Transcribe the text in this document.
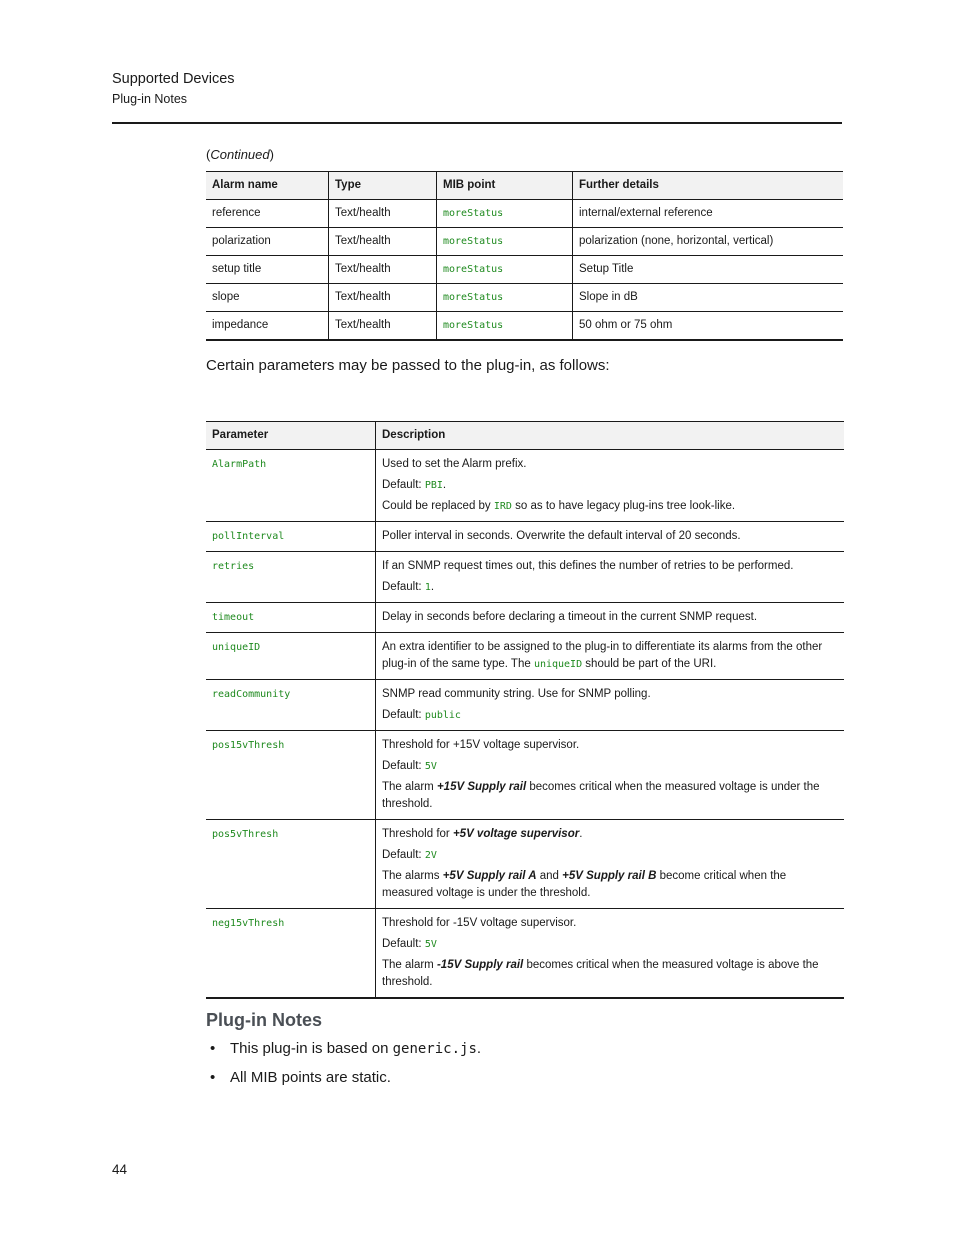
Supported Devices
Plug-in Notes
(Continued)
Alarm name	Type	MIB point	Further details
reference	Text/health	moreStatus	internal/external reference
polarization	Text/health	moreStatus	polarization (none, horizontal, vertical)
setup title	Text/health	moreStatus	Setup Title
slope	Text/health	moreStatus	Slope in dB
impedance	Text/health	moreStatus	50 ohm or 75 ohm
Certain parameters may be passed to the plug-in, as follows:
Parameter	Description
AlarmPath	Used to set the Alarm prefix.
Default: PBI.
Could be replaced by IRD so as to have legacy plug-ins tree look-like.

pollInterval	Poller interval in seconds. Overwrite the default interval of 20 seconds.

retries	If an SNMP request times out, this defines the number of retries to be performed.
Default: 1.

timeout	Delay in seconds before declaring a timeout in the current SNMP request.

uniqueID	An extra identifier to be assigned to the plug-in to differentiate its alarms from the other plug-in of the same type. The uniqueID should be part of the URI.

readCommunity	SNMP read community string. Use for SNMP polling.
Default: public

pos15vThresh	Threshold for +15V voltage supervisor.
Default: 5V
The alarm +15V Supply rail becomes critical when the measured voltage is under the threshold.

pos5vThresh	Threshold for +5V voltage supervisor.
Default: 2V
The alarms +5V Supply rail A and +5V Supply rail B become critical when the measured voltage is under the threshold.

neg15vThresh	Threshold for -15V voltage supervisor.
Default: 5V
The alarm -15V Supply rail becomes critical when the measured voltage is above the threshold.
Plug-in Notes
• This plug-in is based on generic.js.
• All MIB points are static.
44
